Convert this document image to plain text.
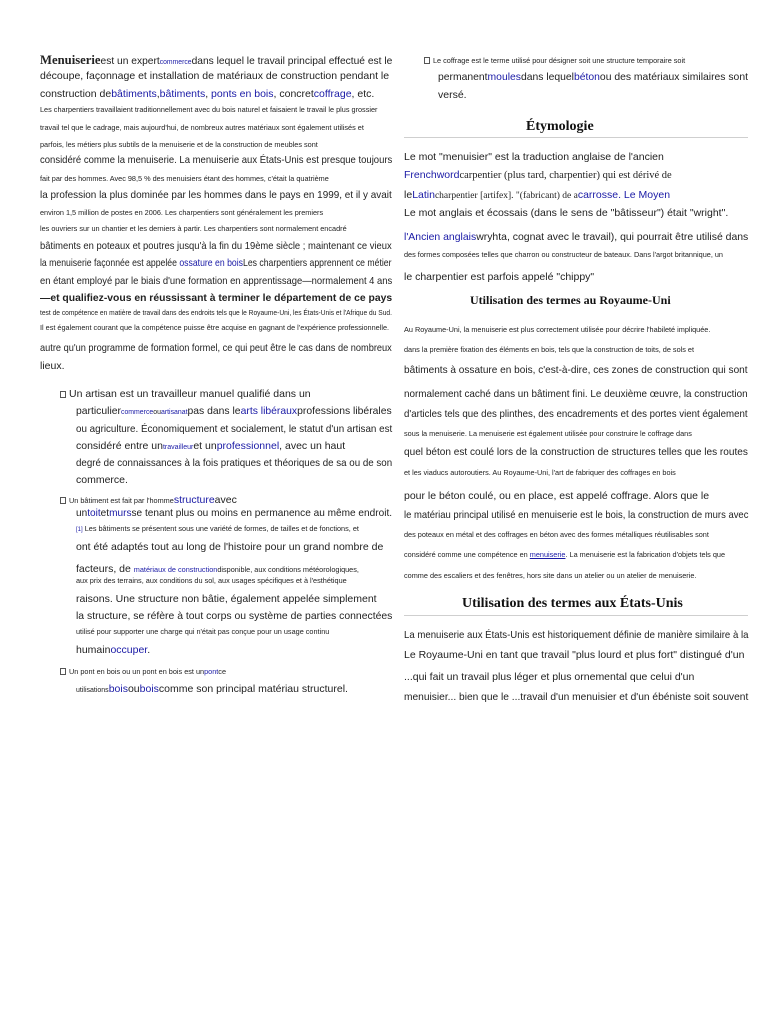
Menuiserieest un expertcommercedans lequel le travail principal effectué est le
découpe, façonnage et installation de matériaux de construction pendant le
construction debâtiments,bâtiments, ponts en bois, concretcoffrage, etc.
Les charpentiers travaillaient traditionnellement avec du bois naturel et faisaient le travail le plus grossier
travail tel que le cadrage, mais aujourd'hui, de nombreux autres matériaux sont également utilisés et
parfois, les métiers plus subtils de la menuiserie et de la construction de meubles sont
considéré comme la menuiserie. La menuiserie aux États-Unis est presque toujours
fait par des hommes. Avec 98,5 % des menuisiers étant des hommes, c'était la quatrième
la profession la plus dominée par les hommes dans le pays en 1999, et il y avait
environ 1,5 million de postes en 2006. Les charpentiers sont généralement les premiers
les ouvriers sur un chantier et les derniers à partir. Les charpentiers sont normalement encadré
bâtiments en poteaux et poutres jusqu'à la fin du 19ème siècle ; maintenant ce vieux
la menuiserie façonnée est appelée ossature en boisLes charpentiers apprennent ce métier
en étant employé par le biais d'une formation en apprentissage—normalement 4 ans
—et qualifiez-vous en réussissant à terminer le département de ce pays
test de compétence en matière de travail dans des endroits tels que le Royaume-Uni, les États-Unis et l'Afrique du Sud.
Il est également courant que la compétence puisse être acquise en gagnant de l'expérience professionnelle.
autre qu'un programme de formation formel, ce qui peut être le cas dans de nombreux
lieux.
Un artisan est un travailleur manuel qualifié dans un
particuliercommerceouartisanatpas dans learts libérauxprofessions libérales
ou agriculture. Économiquement et socialement, le statut d'un artisan est
considéré entre untravailleuret unprofessionnel, avec un haut
degré de connaissances à la fois pratiques et théoriques de sa ou de son
commerce.
Un bâtiment est fait par l'hommestructureavec
untoitetmursse tenant plus ou moins en permanence au même endroit.
[1] Les bâtiments se présentent sous une variété de formes, de tailles et de fonctions, et
ont été adaptés tout au long de l'histoire pour un grand nombre de
facteurs, de matériaux de constructiondisponible, aux conditions météorologiques,
aux prix des terrains, aux conditions du sol, aux usages spécifiques et à l'esthétique
raisons. Une structure non bâtie, également appelée simplement
la structure, se réfère à tout corps ou système de parties connectées
utilisé pour supporter une charge qui n'était pas conçue pour un usage continu
humainoccuper.
Un pont en bois ou un pont en bois est unpontce
utilisationsboisouboiscomme son principal matériau structurel.
Le coffrage est le terme utilisé pour désigner soit une structure temporaire soit
permanentmoulesdans lequelbétonou des matériaux similaires sont
versé.
Étymologie
Le mot "menuisier" est la traduction anglaise de l'ancien
Frenchwordcarpentier (plus tard, charpentier) qui est dérivé de
leLatincharpentier [artifex]. "(fabricant) de acarrosse. Le Moyen
Le mot anglais et écossais (dans le sens de "bâtisseur") était "wright".
l'Ancien anglaiswryhta, cognat avec le travail), qui pourrait être utilisé dans
des formes composées telles que charron ou constructeur de bateaux. Dans l'argot britannique, un
le charpentier est parfois appelé "chippy"
Utilisation des termes au Royaume-Uni
Au Royaume-Uni, la menuiserie est plus correctement utilisée pour décrire l'habileté impliquée.
dans la première fixation des éléments en bois, tels que la construction de toits, de sols et
bâtiments à ossature en bois, c'est-à-dire, ces zones de construction qui sont
normalement caché dans un bâtiment fini. Le deuxième œuvre, la construction
d'articles tels que des plinthes, des encadrements et des portes vient également
sous la menuiserie. La menuiserie est également utilisée pour construire le coffrage dans
quel béton est coulé lors de la construction de structures telles que les routes
et les viaducs autoroutiers. Au Royaume-Uni, l'art de fabriquer des coffrages en bois
pour le béton coulé, ou en place, est appelé coffrage. Alors que le
le matériau principal utilisé en menuiserie est le bois, la construction de murs avec
des poteaux en métal et des coffrages en béton avec des formes métalliques réutilisables sont
considéré comme une compétence en menuiserie. La menuiserie est la fabrication d'objets tels que
comme des escaliers et des fenêtres, hors site dans un atelier ou un atelier de menuiserie.
Utilisation des termes aux États-Unis
La menuiserie aux États-Unis est historiquement définie de manière similaire à la
Le Royaume-Uni en tant que travail "plus lourd et plus fort" distingué d'un
...qui fait un travail plus léger et plus ornemental que celui d'un
menuisier... bien que le ...travail d'un menuisier et d'un ébéniste soit souvent
